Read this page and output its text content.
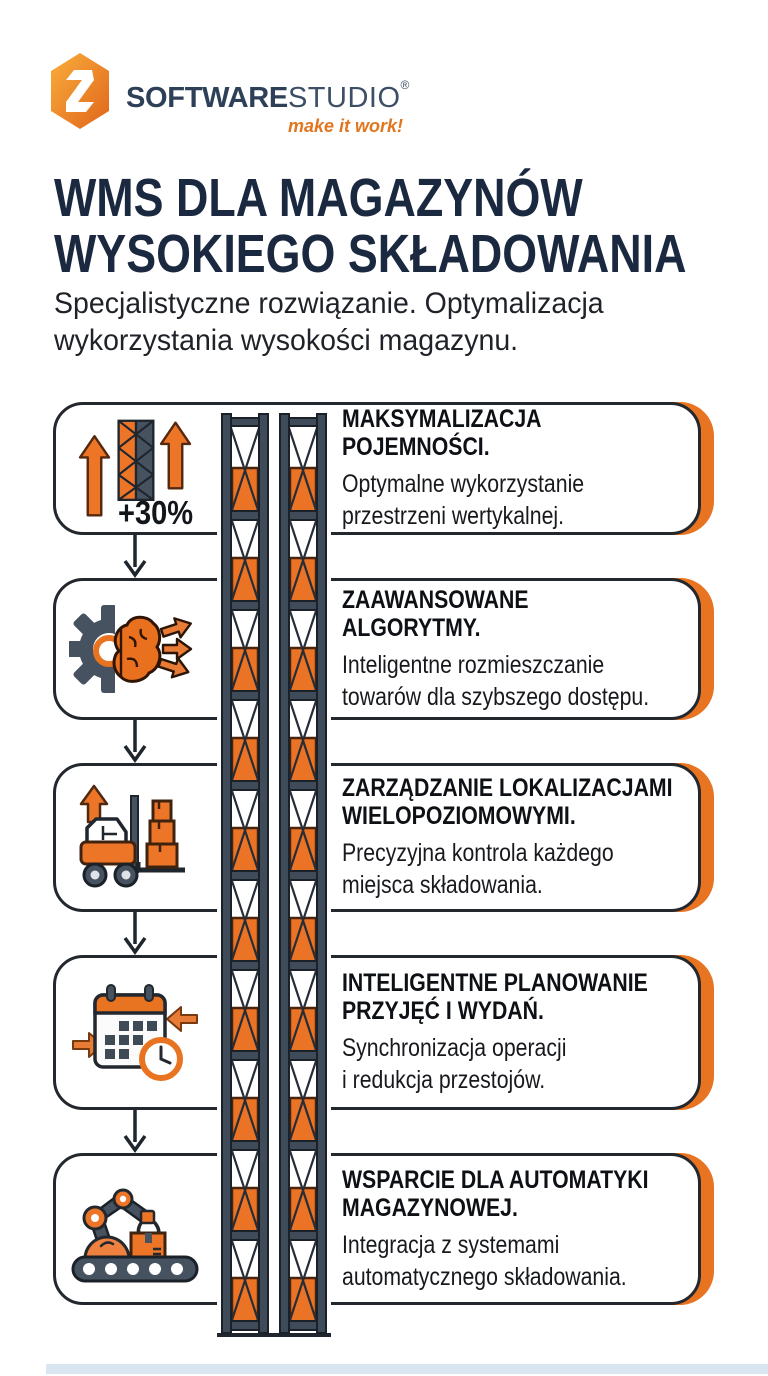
SOFTWARESTUDIO®
make it work!
WMS DLA MAGAZYNÓW
WYSOKIEGO SKŁADOWANIA

Specjalistyczne rozwiązanie. Optymalizacja
wykorzystania wysokości magazynu.

+30%
MAKSYMALIZACJA
POJEMNOŚCI.

Optymalne wykorzystanie
przestrzeni wertykalnej.

ZAAWANSOWANE
ALGORYTMY.

Inteligentne rozmieszczanie
towarów dla szybszego dostępu.

ZARZĄDZANIE LOKALIZACJAMI
WIELOPOZIOMOWYMI.

Precyzyjna kontrola każdego
miejsca składowania.

INTELIGENTNE PLANOWANIE
PRZYJĘĆ I WYDAŃ.

Synchronizacja operacji
i redukcja przestojów.

WSPARCIE DLA AUTOMATYKI
MAGAZYNOWEJ.

Integracja z systemami
automatycznego składowania.
